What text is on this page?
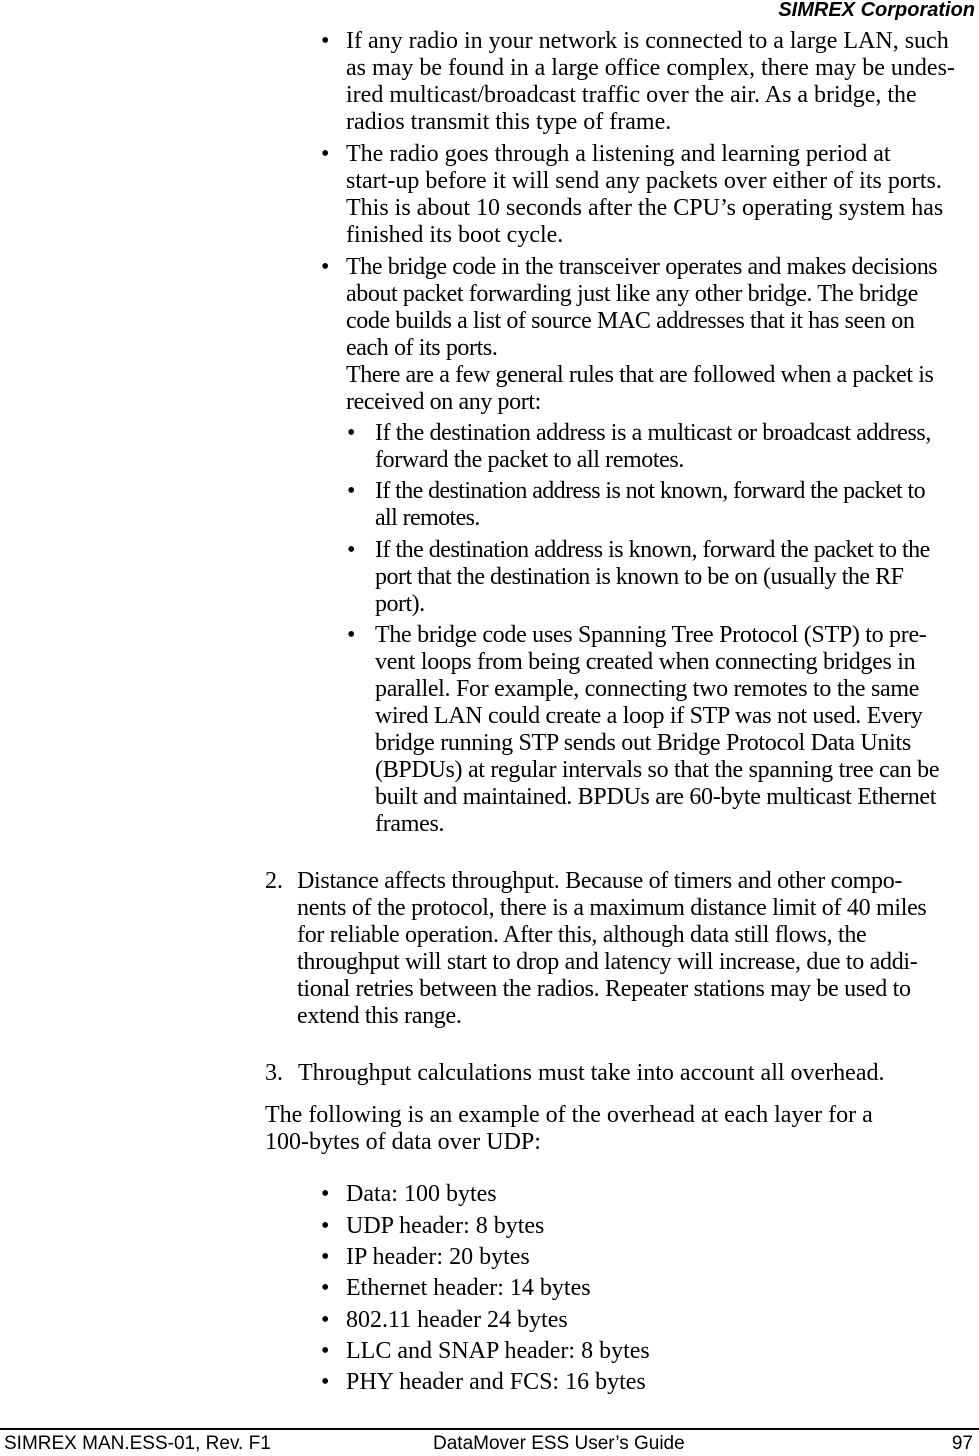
SIMREX Corporation
• If any radio in your network is connected to a large LAN, such
as may be found in a large office complex, there may be undes-
ired multicast/broadcast traffic over the air. As a bridge, the
radios transmit this type of frame.
• The radio goes through a listening and learning period at
start-up before it will send any packets over either of its ports.
This is about 10 seconds after the CPU’s operating system has
finished its boot cycle.
• The bridge code in the transceiver operates and makes decisions
about packet forwarding just like any other bridge. The bridge
code builds a list of source MAC addresses that it has seen on
each of its ports.
There are a few general rules that are followed when a packet is
received on any port:
• If the destination address is a multicast or broadcast address,
forward the packet to all remotes.
• If the destination address is not known, forward the packet to
all remotes.
• If the destination address is known, forward the packet to the
port that the destination is known to be on (usually the RF
port).
• The bridge code uses Spanning Tree Protocol (STP) to pre-
vent loops from being created when connecting bridges in
parallel. For example, connecting two remotes to the same
wired LAN could create a loop if STP was not used. Every
bridge running STP sends out Bridge Protocol Data Units
(BPDUs) at regular intervals so that the spanning tree can be
built and maintained. BPDUs are 60-byte multicast Ethernet
frames.
2. Distance affects throughput. Because of timers and other compo-
nents of the protocol, there is a maximum distance limit of 40 miles
for reliable operation. After this, although data still flows, the
throughput will start to drop and latency will increase, due to addi-
tional retries between the radios. Repeater stations may be used to
extend this range.
3. Throughput calculations must take into account all overhead.
The following is an example of the overhead at each layer for a
100-bytes of data over UDP:
• Data: 100 bytes
• UDP header: 8 bytes
• IP header: 20 bytes
• Ethernet header: 14 bytes
• 802.11 header 24 bytes
• LLC and SNAP header: 8 bytes
• PHY header and FCS: 16 bytes
SIMREX MAN.ESS-01, Rev. F1	DataMover ESS User’s Guide	97
